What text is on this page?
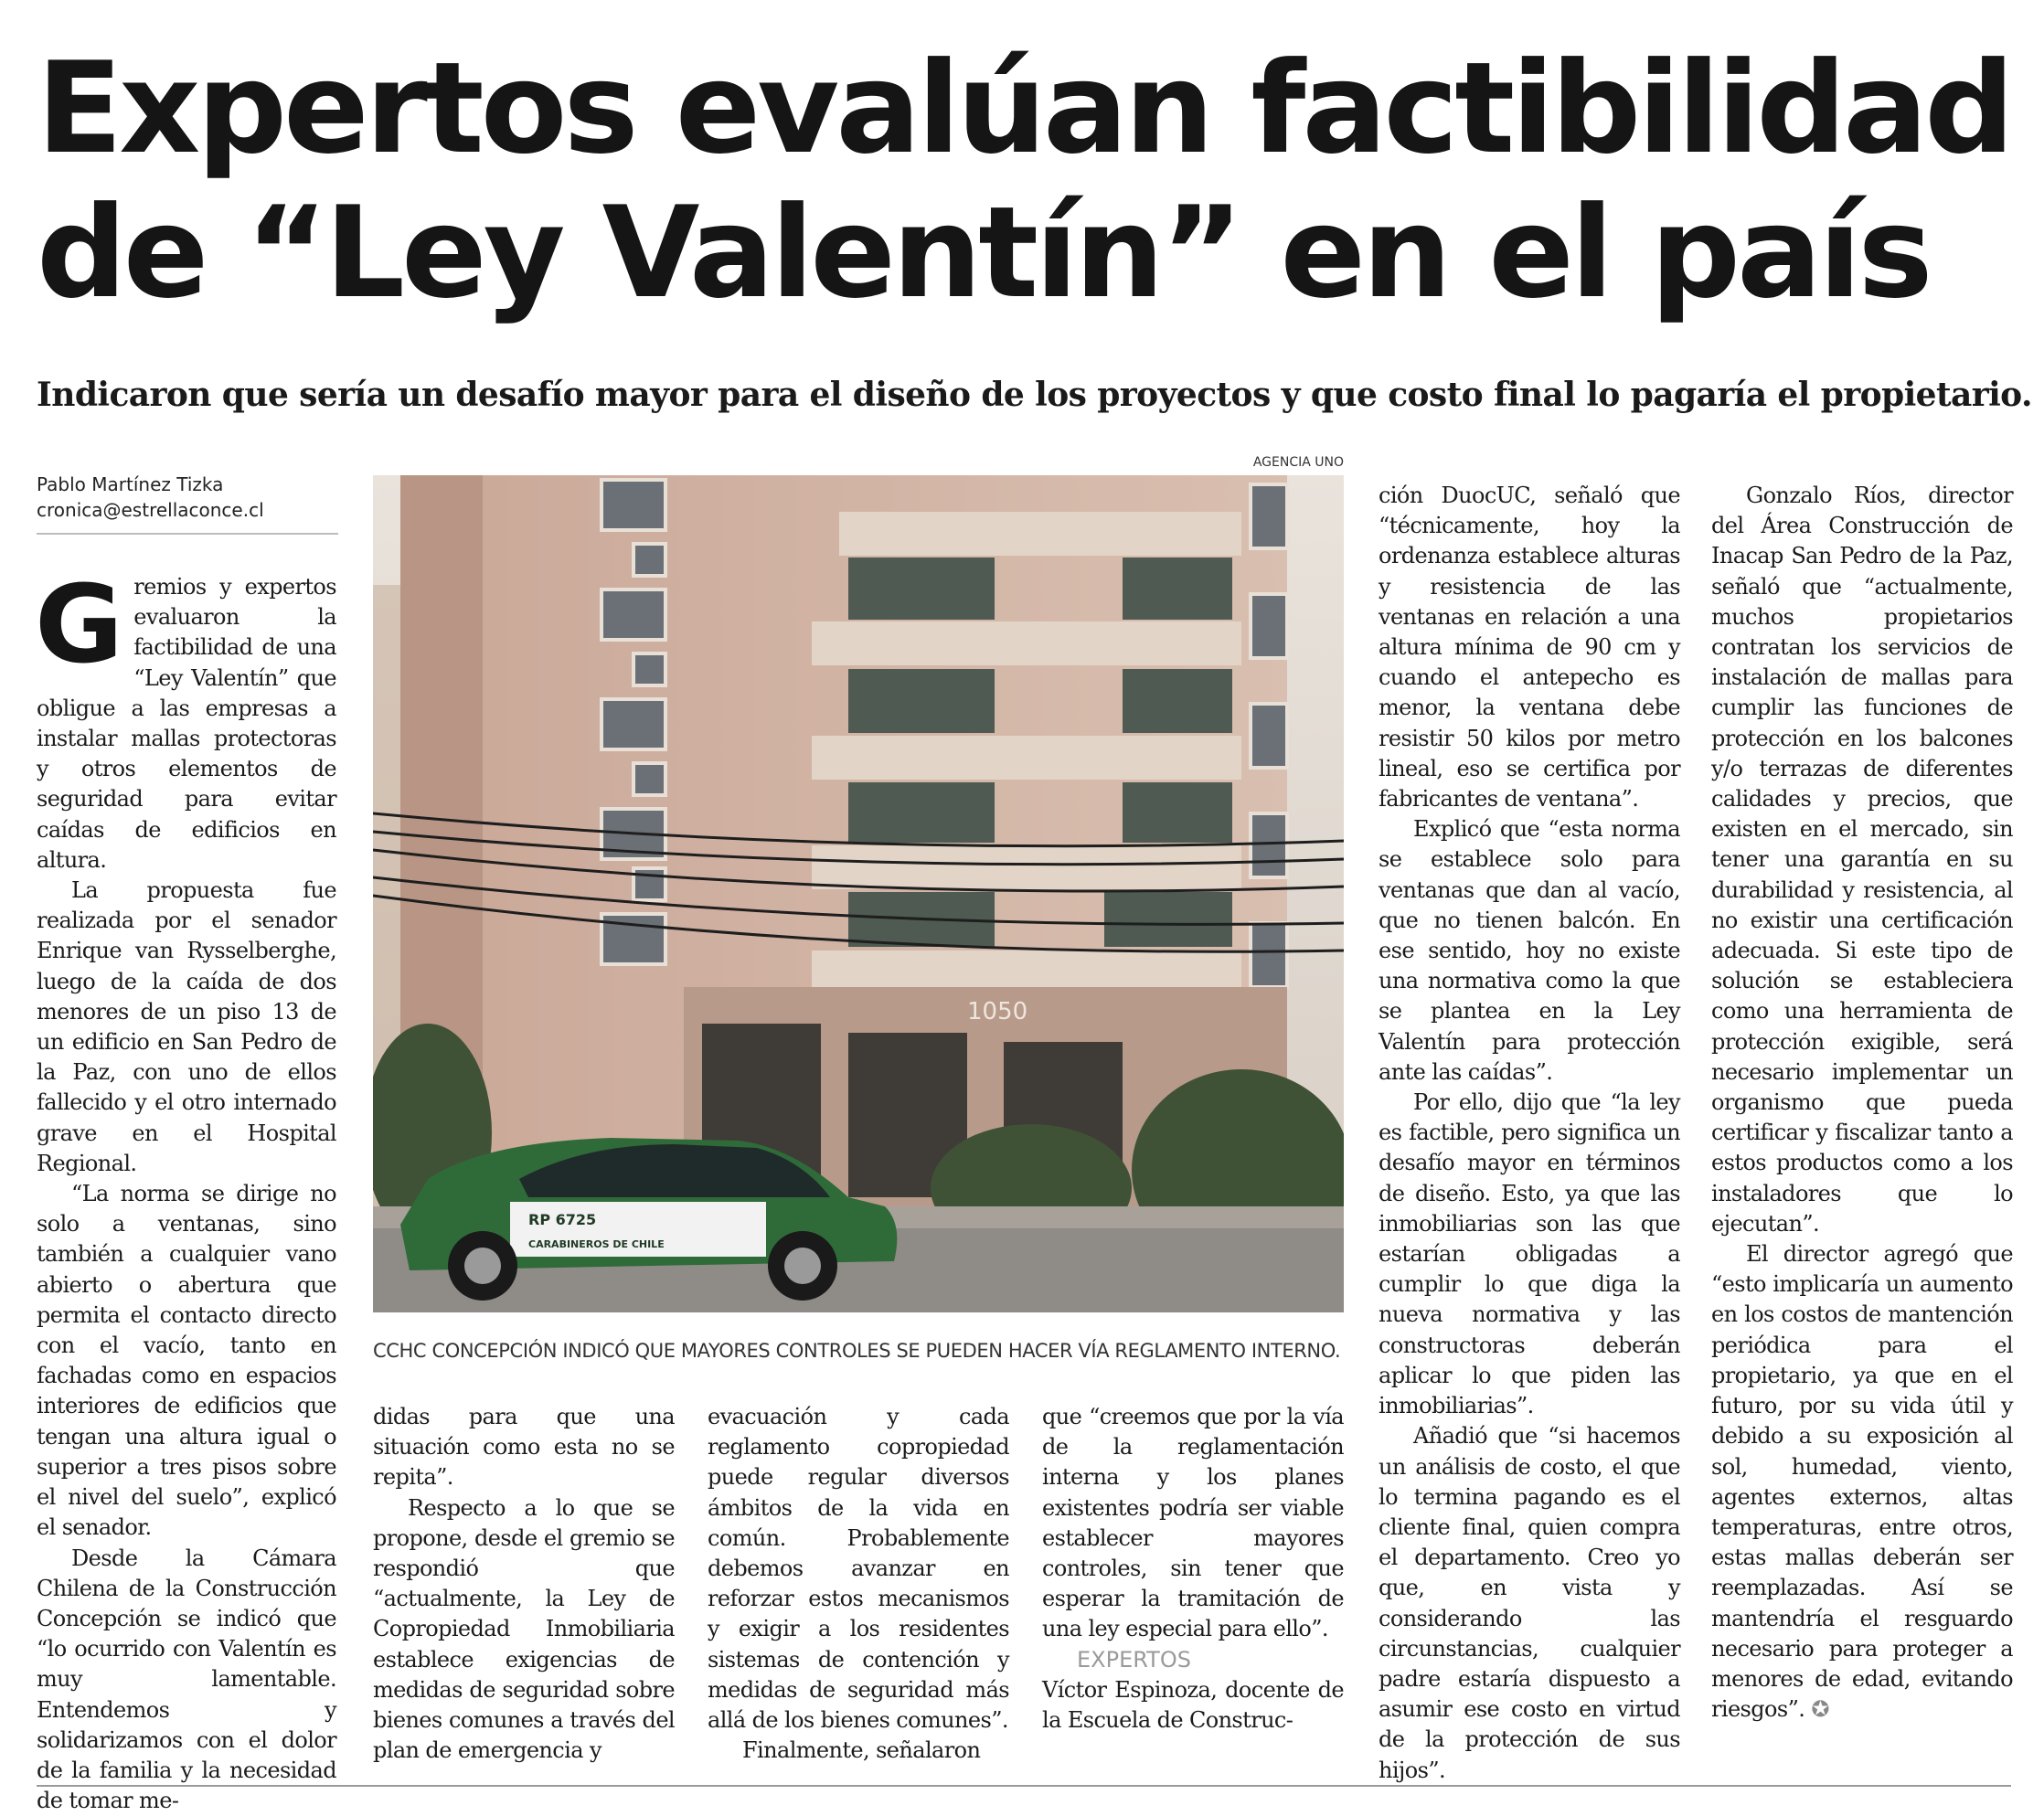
Expertos evalúan factibilidad
de “Ley Valentín” en el país

Indicaron que sería un desafío mayor para el diseño de los proyectos y que costo final lo pagaría el propietario.

Pablo Martínez Tizka
cronica@estrellaconce.cl

Gremios y expertos evaluaron la factibilidad de una “Ley Valentín” que obligue a las empresas a instalar mallas protectoras y otros elementos de seguridad para evitar caídas de edificios en altura.

La propuesta fue realizada por el senador Enrique van Rysselberghe, luego de la caída de dos menores de un piso 13 de un edificio en San Pedro de la Paz, con uno de ellos fallecido y el otro internado grave en el Hospital Regional.

“La norma se dirige no solo a ventanas, sino también a cualquier vano abierto o abertura que permita el contacto directo con el vacío, tanto en fachadas como en espacios interiores de edificios que tengan una altura igual o superior a tres pisos sobre el nivel del suelo”, explicó el senador.

Desde la Cámara Chilena de la Construcción Concepción se indicó que “lo ocurrido con Valentín es muy lamentable. Entendemos y solidarizamos con el dolor de la familia y la necesidad de tomar me-

AGENCIA UNO
1050
RP 6725
CARABINEROS DE CHILE
CCHC CONCEPCIÓN INDICÓ QUE MAYORES CONTROLES SE PUEDEN HACER VÍA REGLAMENTO INTERNO.

didas para que una situación como esta no se repita”.

Respecto a lo que se propone, desde el gremio se respondió que “actualmente, la Ley de Copropiedad Inmobiliaria establece exigencias de medidas de seguridad sobre bienes comunes a través del plan de emergencia y

evacuación y cada reglamento copropiedad puede regular diversos ámbitos de la vida en común. Probablemente debemos avanzar en reforzar estos mecanismos y exigir a los residentes sistemas de contención y medidas de seguridad más allá de los bienes comunes”.

Finalmente, señalaron

que “creemos que por la vía de la reglamentación interna y los planes existentes podría ser viable establecer mayores controles, sin tener que esperar la tramitación de una ley especial para ello”.

EXPERTOS

Víctor Espinoza, docente de la Escuela de Construc-

ción DuocUC, señaló que “técnicamente, hoy la ordenanza establece alturas y resistencia de las ventanas en relación a una altura mínima de 90 cm y cuando el antepecho es menor, la ventana debe resistir 50 kilos por metro lineal, eso se certifica por fabricantes de ventana”.

Explicó que “esta norma se establece solo para ventanas que dan al vacío, que no tienen balcón. En ese sentido, hoy no existe una normativa como la que se plantea en la Ley Valentín para protección ante las caídas”.

Por ello, dijo que “la ley es factible, pero significa un desafío mayor en términos de diseño. Esto, ya que las inmobiliarias son las que estarían obligadas a cumplir lo que diga la nueva normativa y las constructoras deberán aplicar lo que piden las inmobiliarias”.

Añadió que “si hacemos un análisis de costo, el que lo termina pagando es el cliente final, quien compra el departamento. Creo yo que, en vista y considerando las circunstancias, cualquier padre estaría dispuesto a asumir ese costo en virtud de la protección de sus hijos”.

Gonzalo Ríos, director del Área Construcción de Inacap San Pedro de la Paz, señaló que “actualmente, muchos propietarios contratan los servicios de instalación de mallas para cumplir las funciones de protección en los balcones y/o terrazas de diferentes calidades y precios, que existen en el mercado, sin tener una garantía en su durabilidad y resistencia, al no existir una certificación adecuada. Si este tipo de solución se estableciera como una herramienta de protección exigible, será necesario implementar un organismo que pueda certificar y fiscalizar tanto a estos productos como a los instaladores que lo ejecutan”.

El director agregó que “esto implicaría un aumento en los costos de mantención periódica para el propietario, ya que en el futuro, por su vida útil y debido a su exposición al sol, humedad, viento, agentes externos, altas temperaturas, entre otros, estas mallas deberán ser reemplazadas. Así se mantendría el resguardo necesario para proteger a menores de edad, evitando riesgos”. ✪
